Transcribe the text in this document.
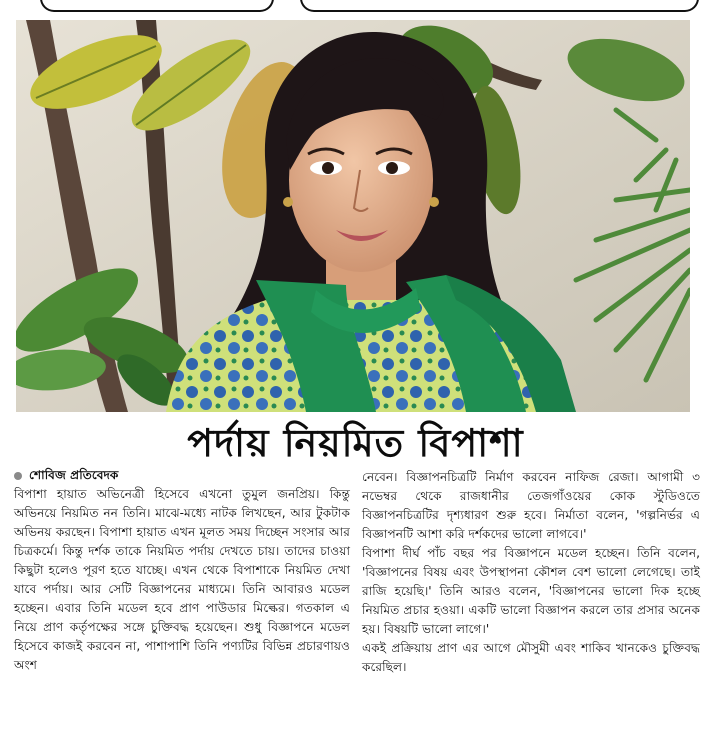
পর্দায় নিয়মিত বিপাশা
শোবিজ প্রতিবেদক

বিপাশা হায়াত অভিনেত্রী হিসেবে এখনো তুমুল জনপ্রিয়। কিন্তু অভিনয়ে নিয়মিত নন তিনি। মাঝে-মধ্যে নাটক লিখছেন, আর টুকটাক অভিনয় করছেন। বিপাশা হায়াত এখন মূলত সময় দিচ্ছেন সংসার আর চিত্রকর্মে। কিন্তু দর্শক তাকে নিয়মিত পর্দায় দেখতে চায়। তাদের চাওয়া কিছুটা হলেও পূরণ হতে যাচ্ছে। এখন থেকে বিপাশাকে নিয়মিত দেখা যাবে পর্দায়। আর সেটি বিজ্ঞাপনের মাধ্যমে। তিনি আবারও মডেল হচ্ছেন। এবার তিনি মডেল হবে প্রাণ পাউডার মিল্কের। গতকাল এ নিয়ে প্রাণ কর্তৃপক্ষের সঙ্গে চুক্তিবদ্ধ হয়েছেন। শুধু বিজ্ঞাপনে মডেল হিসেবে কাজই করবেন না, পাশাপাশি তিনি পণ্যটির বিভিন্ন প্রচারণায়ও অংশ

নেবেন। বিজ্ঞাপনচিত্রটি নির্মাণ করবেন নাফিজ রেজা। আগামী ৩ নভেম্বর থেকে রাজধানীর তেজগাঁওয়ের কোক স্টুডিওতে বিজ্ঞাপনচিত্রটির দৃশ্যধারণ শুরু হবে। নির্মাতা বলেন, 'গল্পনির্ভর এ বিজ্ঞাপনটি আশা করি দর্শকদের ভালো লাগবে।'

বিপাশা দীর্ঘ পাঁচ বছর পর বিজ্ঞাপনে মডেল হচ্ছেন। তিনি বলেন, 'বিজ্ঞাপনের বিষয় এবং উপস্থাপনা কৌশল বেশ ভালো লেগেছে। তাই রাজি হয়েছি।' তিনি আরও বলেন, 'বিজ্ঞাপনের ভালো দিক হচ্ছে নিয়মিত প্রচার হওয়া। একটি ভালো বিজ্ঞাপন করলে তার প্রসার অনেক হয়। বিষয়টি ভালো লাগে।'

একই প্রক্রিয়ায় প্রাণ এর আগে মৌসুমী এবং শাকিব খানকেও চুক্তিবদ্ধ করেছিল।
